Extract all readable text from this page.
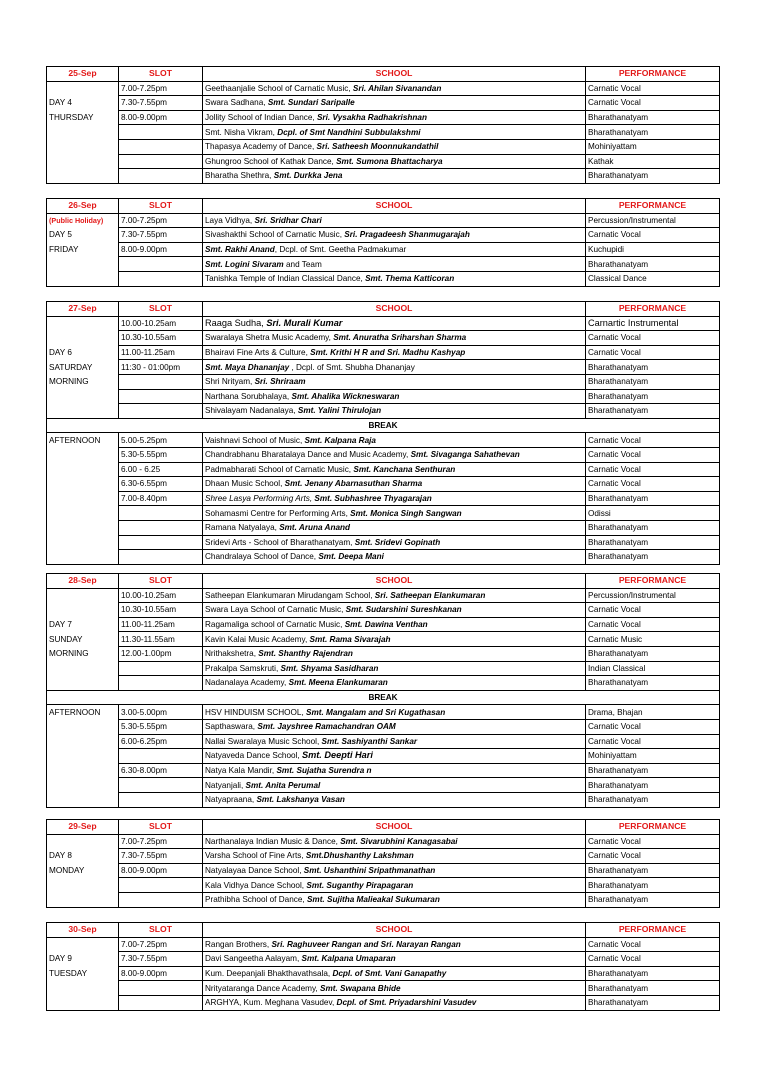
25-Sep	SLOT	SCHOOL	PERFORMANCE
	7.00-7.25pm	Geethaanjalie School of Carnatic Music, Sri. Ahilan Sivanandan	Carnatic Vocal
DAY 4	7.30-7.55pm	Swara Sadhana, Smt. Sundari Saripalle	Carnatic Vocal
THURSDAY	8.00-9.00pm	Jollity School of Indian Dance, Sri. Vysakha Radhakrishnan	Bharathanatyam
		Smt. Nisha Vikram, Dcpl. of Smt Nandhini Subbulakshmi	Bharathanatyam
		Thapasya Academy of Dance, Sri. Satheesh Moonnukandathil	Mohiniyattam
		Ghungroo School of Kathak Dance, Smt. Sumona Bhattacharya	Kathak
		Bharatha Shethra, Smt. Durkka Jena	Bharathanatyam
26-Sep	SLOT	SCHOOL	PERFORMANCE
(Public Holiday)	7.00-7.25pm	Laya Vidhya, Sri. Sridhar Chari	Percussion/Instrumental
DAY 5	7.30-7.55pm	Sivashakthi School of Carnatic Music, Sri. Pragadeesh Shanmugarajah	Carnatic Vocal
FRIDAY	8.00-9.00pm	Smt. Rakhi Anand, Dcpl. of Smt. Geetha Padmakumar	Kuchupidi
		Smt. Logini Sivaram and Team	Bharathanatyam
		Tanishka Temple of Indian Classical Dance, Smt. Thema Katticoran	Classical Dance
27-Sep	SLOT	SCHOOL	PERFORMANCE
	10.00-10.25am	Raaga Sudha, Sri. Murali Kumar	Carnartic Instrumental
	10.30-10.55am	Swaralaya Shetra Music Academy, Smt. Anuratha Sriharshan Sharma	Carnatic Vocal
DAY 6	11.00-11.25am	Bhairavi Fine Arts & Culture, Smt. Krithi H R and Sri. Madhu Kashyap	Carnatic Vocal
SATURDAY	11:30 - 01:00pm	Smt. Maya Dhananjay , Dcpl. of Smt. Shubha Dhananjay	Bharathanatyam
MORNING		Shri Nrityam, Sri. Shriraam	Bharathanatyam
		Narthana Sorubhalaya, Smt. Ahalika Wickneswaran	Bharathanatyam
		Shivalayam Nadanalaya, Smt. Yalini Thirulojan	Bharathanatyam
BREAK			
AFTERNOON	5.00-5.25pm	Vaishnavi School of Music, Smt. Kalpana Raja	Carnatic Vocal
	5.30-5.55pm	Chandrabhanu Bharatalaya Dance and Music Academy, Smt. Sivaganga Sahathevan	Carnatic Vocal
	6.00 - 6.25	Padmabharati School of Carnatic Music, Smt. Kanchana Senthuran	Carnatic Vocal
	6.30-6.55pm	Dhaan Music School, Smt. Jenany Abarnasuthan Sharma	Carnatic Vocal
	7.00-8.40pm	Shree Lasya Performing Arts, Smt. Subhashree Thyagarajan	Bharathanatyam
		Sohamasmi Centre for Performing Arts, Smt. Monica Singh Sangwan	Odissi
		Ramana Natyalaya, Smt. Aruna Anand	Bharathanatyam
		Sridevi Arts - School of Bharathanatyam, Smt. Sridevi Gopinath	Bharathanatyam
		Chandralaya School of Dance, Smt. Deepa Mani	Bharathanatyam
28-Sep	SLOT	SCHOOL	PERFORMANCE
	10.00-10.25am	Satheepan Elankumaran Mirudangam School, Sri. Satheepan Elankumaran	Percussion/Instrumental
	10.30-10.55am	Swara Laya School of Carnatic Music, Smt. Sudarshini Sureshkanan	Carnatic Vocal
DAY 7	11.00-11.25am	Ragamaliga school of Carnatic Music, Smt. Dawina Venthan	Carnatic Vocal
SUNDAY	11.30-11.55am	Kavin Kalai Music Academy, Smt. Rama Sivarajah	Carnatic Music
MORNING	12.00-1.00pm	Nrithakshetra, Smt. Shanthy Rajendran	Bharathanatyam
		Prakalpa Samskruti, Smt. Shyama Sasidharan	Indian Classical
		Nadanalaya Academy, Smt. Meena Elankumaran	Bharathanatyam
BREAK			
AFTERNOON	3.00-5.00pm	HSV HINDUISM SCHOOL, Smt. Mangalam and Sri Kugathasan	Drama, Bhajan
	5.30-5.55pm	Sapthaswara, Smt. Jayshree Ramachandran OAM	Carnatic Vocal
	6.00-6.25pm	Nallai Swaralaya Music School, Smt. Sashiyanthi Sankar	Carnatic Vocal
		Natyaveda Dance School, Smt. Deepti Hari	Mohiniyattam
	6.30-8.00pm	Natya Kala Mandir, Smt. Sujatha Surendra n	Bharathanatyam
		Natyanjali, Smt. Anita Perumal	Bharathanatyam
		Natyapraana, Smt. Lakshanya Vasan	Bharathanatyam
29-Sep	SLOT	SCHOOL	PERFORMANCE
	7.00-7.25pm	Narthanalaya Indian Music & Dance, Smt. Sivarubhini Kanagasabai	Carnatic Vocal
DAY 8	7.30-7.55pm	Varsha School of Fine Arts, Smt.Dhushanthy Lakshman	Carnatic Vocal
MONDAY	8.00-9.00pm	Natyalayaa Dance School, Smt. Ushanthini Sripathmanathan	Bharathanatyam
		Kala Vidhya Dance School, Smt. Suganthy Pirapagaran	Bharathanatyam
		Prathibha School of Dance, Smt. Sujitha Malieakal Sukumaran	Bharathanatyam
30-Sep	SLOT	SCHOOL	PERFORMANCE
	7.00-7.25pm	Rangan Brothers, Sri. Raghuveer Rangan and Sri. Narayan Rangan	Carnatic Vocal
DAY 9	7.30-7.55pm	Davi Sangeetha Aalayam, Smt. Kalpana Umaparan	Carnatic Vocal
TUESDAY	8.00-9.00pm	Kum. Deepanjali Bhakthavathsala, Dcpl. of Smt. Vani Ganapathy	Bharathanatyam
		Nrityataranga Dance Academy, Smt. Swapana Bhide	Bharathanatyam
		ARGHYA, Kum. Meghana Vasudev, Dcpl. of Smt. Priyadarshini Vasudev	Bharathanatyam
